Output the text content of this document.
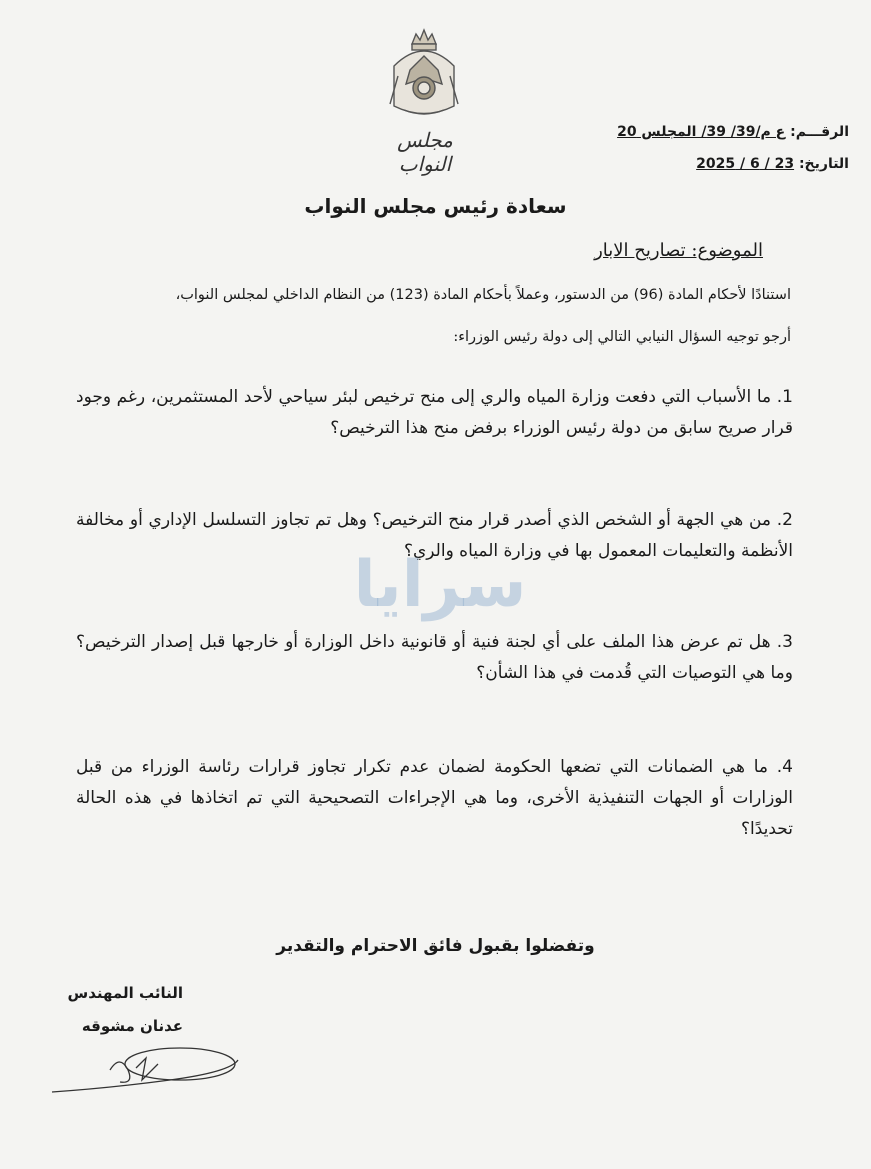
مجلس النواب
الرقـــم: ع م/39/ 39/ المجلس 20
التاريخ: 23 / 6 / 2025
سعادة رئيس مجلس النواب
الموضوع: تصاريح الابار
استنادًا لأحكام المادة (96) من الدستور، وعملاً بأحكام المادة (123) من النظام الداخلي لمجلس النواب،
أرجو توجيه السؤال النيابي التالي إلى دولة رئيس الوزراء:
1. ما الأسباب التي دفعت وزارة المياه والري إلى منح ترخيص لبئر سياحي لأحد المستثمرين، رغم وجود قرار صريح سابق من دولة رئيس الوزراء برفض منح هذا الترخيص؟
2. من هي الجهة أو الشخص الذي أصدر قرار منح الترخيص؟ وهل تم تجاوز التسلسل الإداري أو مخالفة الأنظمة والتعليمات المعمول بها في وزارة المياه والري؟
3. هل تم عرض هذا الملف على أي لجنة فنية أو قانونية داخل الوزارة أو خارجها قبل إصدار الترخيص؟ وما هي التوصيات التي قُدمت في هذا الشأن؟
4. ما هي الضمانات التي تضعها الحكومة لضمان عدم تكرار تجاوز قرارات رئاسة الوزراء من قبل الوزارات أو الجهات التنفيذية الأخرى، وما هي الإجراءات التصحيحية التي تم اتخاذها في هذه الحالة تحديدًا؟
سرايا
وتفضلوا بقبول فائق الاحترام والتقدير
النائب المهندس
عدنان مشوقه
